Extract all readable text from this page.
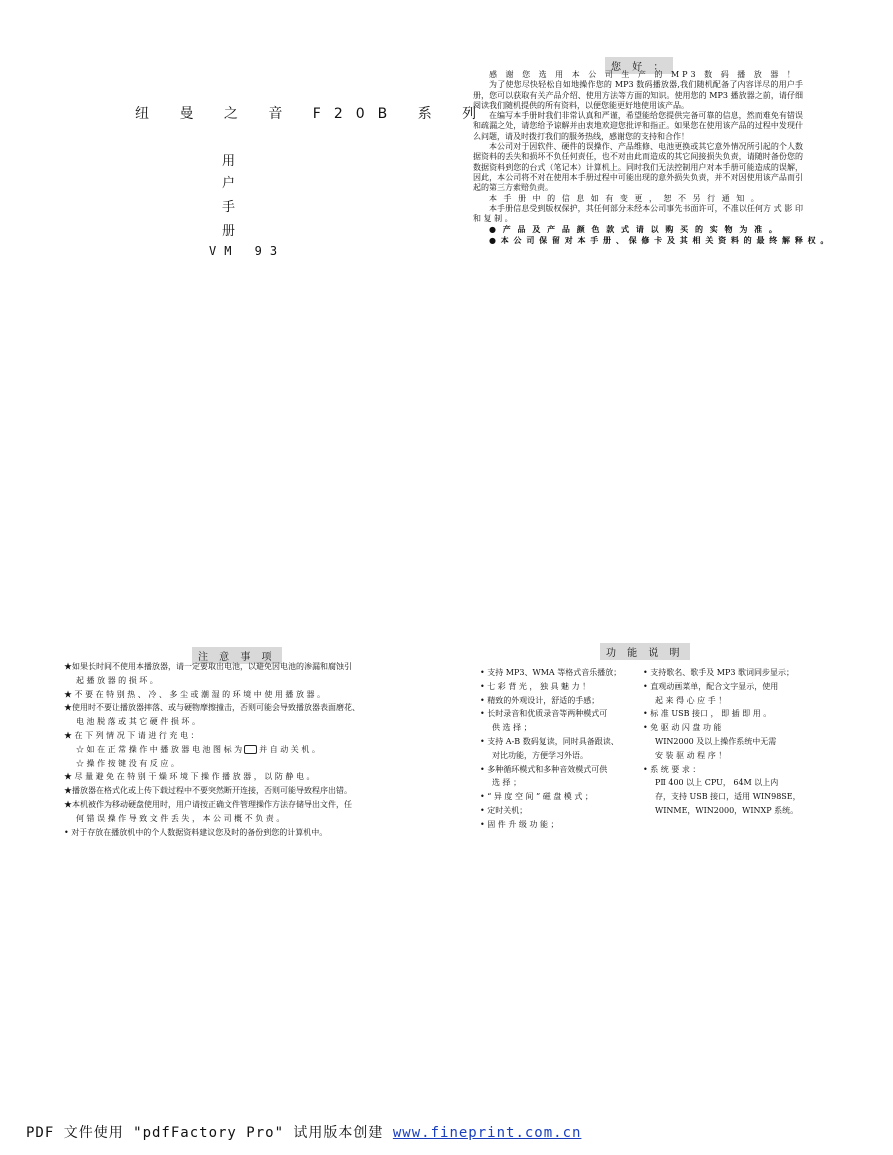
纽 曼 之 音 F20B 系 列
用
户
手
册
VM 93
您 好 ：

感 谢 您 选 用 本 公 司 生 产 的 MP3 数 码 播 放 器 ！

为了使您尽快轻松自如地操作您的 MP3 数码播放器,我们随机配备了内容详尽的用户手册，您可以获取有关产品介绍、使用方法等方面的知识。使用您的 MP3 播放器之前，请仔细阅读我们随机提供的所有资料，以便您能更好地使用该产品。

在编写本手册时我们非常认真和严谨，希望能给您提供完备可靠的信息，然而难免有错误和疏漏之处，请您给予谅解并由衷地欢迎您批评和指正。如果您在使用该产品的过程中发现什么问题，请及时拨打我们的服务热线，感谢您的支持和合作！

本公司对于因软件、硬件的误操作、产品维修、电池更换或其它意外情况所引起的个人数据资料的丢失和损坏不负任何责任，也不对由此而造成的其它间接损失负责，请随时备份您的数据资料到您的台式（笔记本）计算机上。同时我们无法控制用户对本手册可能造成的误解，因此，本公司将不对在使用本手册过程中可能出现的意外损失负责，并不对因使用该产品而引起的第三方索赔负责。

本 手 册 中 的 信 息 如 有 变 更 ， 恕 不 另 行 通 知 。

本手册信息受到版权保护，其任何部分未经本公司事先书面许可，不准以任何方 式 影 印 和 复 制 。

● 产 品 及 产 品 颜 色 款 式 请 以 购 买 的 实 物 为 准 。
● 本 公 司 保 留 对 本 手 册 、 保 修 卡 及 其 相 关 资 料 的 最 终 解 释 权 。
注 意 事 项
★如果长时间不使用本播放器，请一定要取出电池，以避免因电池的渗漏和腐蚀引
起 播 放 器 的 损 坏 。
★ 不 要 在 特 别 热 、 冷 、 多 尘 或 潮 湿 的 环 境 中 使 用 播 放 器 。
★使用时不要让播放器摔落、或与硬物摩擦撞击，否则可能会导致播放器表面磨花、
电 池 脱 落 或 其 它 硬 件 损 坏 。
★ 在 下 列 情 况 下 请 进 行 充 电 ：
☆ 如 在 正 常 操 作 中 播 放 器 电 池 图 标 为 并 自 动 关 机 。
☆ 操 作 按 键 没 有 反 应 。
★ 尽 量 避 免 在 特 别 干 燥 环 境 下 操 作 播 放 器 ， 以 防 静 电 。
★播放器在格式化或上传下载过程中不要突然断开连接，否则可能导致程序出错。
★本机被作为移动硬盘使用时，用户请按正确文件管理操作方法存储导出文件，任
何 错 误 操 作 导 致 文 件 丢 失 ， 本 公 司 概 不 负 责 。
• 对于存放在播放机中的个人数据资料建议您及时的备份到您的计算机中。
功 能 说 明
• 支持 MP3、WMA 等格式音乐播放；
• 七 彩 背 光 ， 独 具 魅 力 ！
• 精致的外观设计，舒适的手感；
• 长时录音和优质录音等两种模式可
供 选 择 ；
• 支持 A-B 数码复读，同时具备跟读、
对比功能，方便学习外语。
• 多种循环模式和多种音效模式可供
选 择 ；
• “ 异 度 空 间 ” 磁 盘 模 式 ；
• 定时关机；
• 固 件 升 级 功 能 ；
• 支持歌名、歌手及 MP3 歌词同步显示；
• 直观动画菜单，配合文字显示，使用
起 来 得 心 应 手 ！
• 标 准 USB 接口 ， 即 插 即 用 。
• 免 驱 动 闪 盘 功 能
WIN2000 及以上操作系统中无需
安 装 驱 动 程 序 ！
• 系 统 要 求 ：
PⅡ 400 以上 CPU， 64M 以上内
存，支持 USB 接口，适用 WIN98SE，
WINME，WIN2000，WINXP 系统。
PDF 文件使用 "pdfFactory Pro" 试用版本创建 www.fineprint.com.cn
